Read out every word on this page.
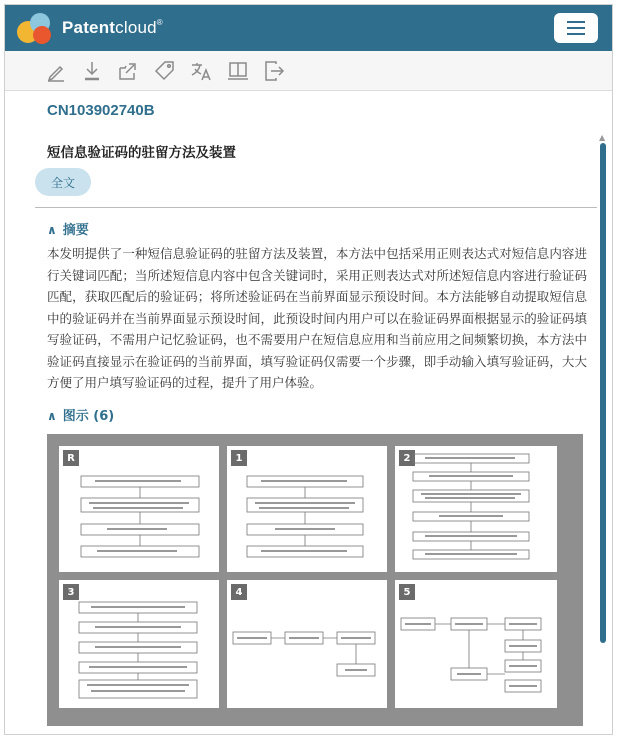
Patentcloud®
CN103902740B
短信息验证码的驻留方法及装置
全文
∧ 摘要
本发明提供了一种短信息验证码的驻留方法及装置，本方法中包括采用正则表达式对短信息内容进行关键词匹配；当所述短信息内容中包含关键词时，采用正则表达式对所述短信息内容进行验证码匹配，获取匹配后的验证码；将所述验证码在当前界面显示预设时间。本方法能够自动提取短信息中的验证码并在当前界面显示预设时间，此预设时间内用户可以在验证码界面根据显示的验证码填写验证码，不需用户记忆验证码，也不需要用户在短信息应用和当前应用之间频繁切换，本方法中验证码直接显示在验证码的当前界面，填写验证码仅需要一个步骤，即手动输入填写验证码，大大方便了用户填写验证码的过程，提升了用户体验。
∧ 图示 (6)
R	1	2
3	4	5
▲
